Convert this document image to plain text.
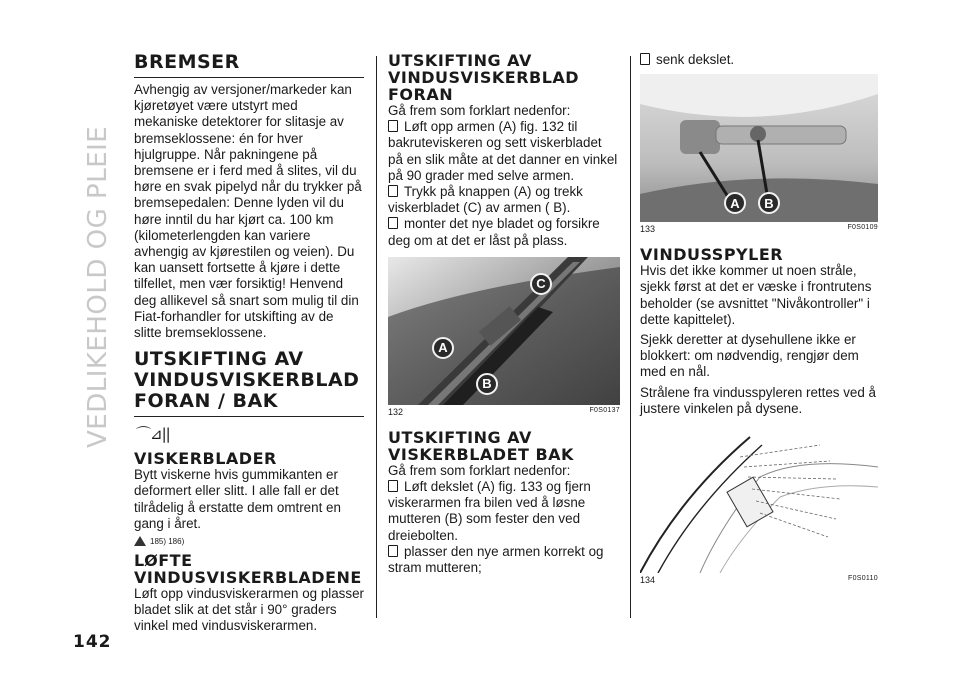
VEDLIKEHOLD OG PLEIE
BREMSER

Avhengig av versjoner/markeder kan kjøretøyet være utstyrt med mekaniske detektorer for slitasje av bremseklossene: én for hver hjulgruppe. Når pakningene på bremsene er i ferd med å slites, vil du høre en svak pipelyd når du trykker på bremsepedalen: Denne lyden vil du høre inntil du har kjørt ca. 100 km (kilometerlengden kan variere avhengig av kjørestilen og veien). Du kan uansett fortsette å kjøre i dette tilfellet, men vær forsiktig! Henvend deg allikevel så snart som mulig til din Fiat-forhandler for utskifting av de slitte bremseklossene.

UTSKIFTING AV VINDUSVISKERBLAD FORAN / BAK
⌒⊿||
VISKERBLADER

Bytt viskerne hvis gummikanten er deformert eller slitt. I alle fall er det tilrådelig å erstatte dem omtrent en gang i året.

185) 186)
LØFTE VINDUSVISKERBLADENE

Løft opp vindusviskerarmen og plasser bladet slik at det står i 90° graders vinkel med vindusviskerarmen.

UTSKIFTING AV VINDUSVISKERBLAD FORAN

Gå frem som forklart nedenfor:

Løft opp armen (A) fig. 132 til bakruteviskeren og sett viskerbladet på en slik måte at det danner en vinkel på 90 grader med selve armen.

Trykk på knappen (A) og trekk viskerbladet (C) av armen ( B).

monter det nye bladet og forsikre deg om at det er låst på plass.

C
A
B
132	F0S0137
UTSKIFTING AV VISKERBLADET BAK

Gå frem som forklart nedenfor:

Løft dekslet (A) fig. 133 og fjern viskerarmen fra bilen ved å løsne mutteren (B) som fester den ved dreiebolten.

plasser den nye armen korrekt og stram mutteren;

senk dekslet.

A	B
133	F0S0109
VINDUSSPYLER

Hvis det ikke kommer ut noen stråle, sjekk først at det er væske i frontrutens beholder (se avsnittet "Nivåkontroller" i dette kapittelet).

Sjekk deretter at dysehullene ikke er blokkert: om nødvendig, rengjør dem med en nål.

Strålene fra vindusspyleren rettes ved å justere vinkelen på dysene.

134	F0S0110
142
